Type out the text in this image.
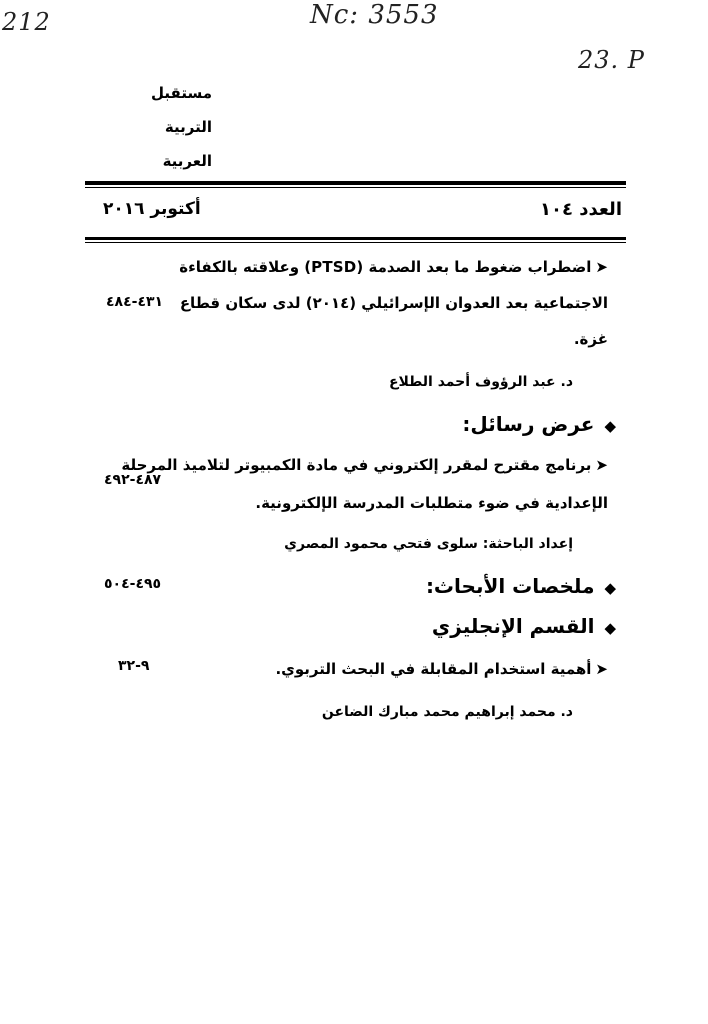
212	Nc: 3553
23. P
مستقبل
التربية
العربية
العدد ١٠٤
أكتوبر ٢٠١٦
➤اضطراب ضغوط ما بعد الصدمة (PTSD) وعلاقته بالكفاءة
الاجتماعية بعد العدوان الإسرائيلي (٢٠١٤) لدى سكان قطاع
غزة.
٤٣١-٤٨٤
د. عبد الرؤوف أحمد الطلاع
◆عرض رسائل:
➤برنامج مقترح لمقرر إلكتروني في مادة الكمبيوتر لتلاميذ المرحلة
الإعدادية في ضوء متطلبات المدرسة الإلكترونية.
٤٨٧-٤٩٢
إعداد الباحثة: سلوى فتحي محمود المصري
◆ملخصات الأبحاث:
٤٩٥-٥٠٤
◆القسم الإنجليزي
➤أهمية استخدام المقابلة في البحث التربوي.
٩-٣٢
د. محمد إبراهيم محمد مبارك الضاعن
